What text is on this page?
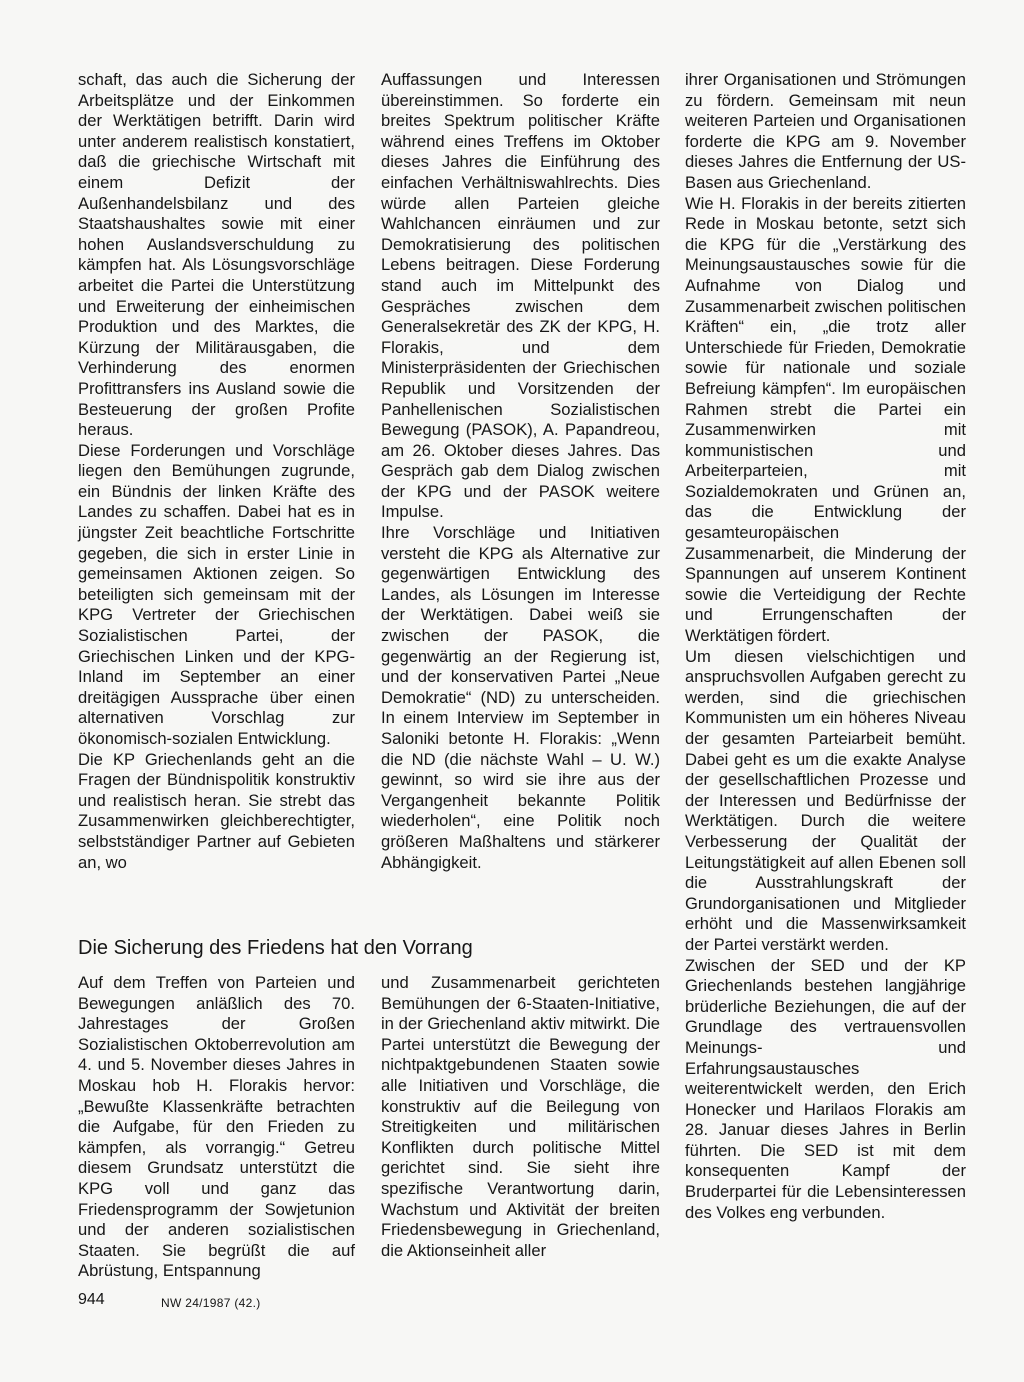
schaft, das auch die Sicherung der Arbeitsplätze und der Einkommen der Werktätigen betrifft. Darin wird unter anderem realistisch konstatiert, daß die griechische Wirtschaft mit einem Defizit der Außenhandelsbilanz und des Staatshaushaltes sowie mit einer hohen Auslandsverschuldung zu kämpfen hat. Als Lösungsvorschläge arbeitet die Partei die Unterstützung und Erweiterung der einheimischen Produktion und des Marktes, die Kürzung der Militärausgaben, die Verhinderung des enormen Profittransfers ins Ausland sowie die Besteuerung der großen Profite heraus.

Diese Forderungen und Vorschläge liegen den Bemühungen zugrunde, ein Bündnis der linken Kräfte des Landes zu schaffen. Dabei hat es in jüngster Zeit beachtliche Fortschritte gegeben, die sich in erster Linie in gemeinsamen Aktionen zeigen. So beteiligten sich gemeinsam mit der KPG Vertreter der Griechischen Sozialistischen Partei, der Griechischen Linken und der KPG-Inland im September an einer dreitägigen Aussprache über einen alternativen Vorschlag zur ökonomisch-sozialen Entwicklung.

Die KP Griechenlands geht an die Fragen der Bündnispolitik konstruktiv und realistisch heran. Sie strebt das Zusammenwirken gleichberechtigter, selbstständiger Partner auf Gebieten an, wo

Auffassungen und Interessen übereinstimmen. So forderte ein breites Spektrum politischer Kräfte während eines Treffens im Oktober dieses Jahres die Einführung des einfachen Verhältniswahlrechts. Dies würde allen Parteien gleiche Wahlchancen einräumen und zur Demokratisierung des politischen Lebens beitragen. Diese Forderung stand auch im Mittelpunkt des Gespräches zwischen dem Generalsekretär des ZK der KPG, H. Florakis, und dem Ministerpräsidenten der Griechischen Republik und Vorsitzenden der Panhellenischen Sozialistischen Bewegung (PASOK), A. Papandreou, am 26. Oktober dieses Jahres. Das Gespräch gab dem Dialog zwischen der KPG und der PASOK weitere Impulse.

Ihre Vorschläge und Initiativen versteht die KPG als Alternative zur gegenwärtigen Entwicklung des Landes, als Lösungen im Interesse der Werktätigen. Dabei weiß sie zwischen der PASOK, die gegenwärtig an der Regierung ist, und der konservativen Partei „Neue Demokratie“ (ND) zu unterscheiden. In einem Interview im September in Saloniki betonte H. Florakis: „Wenn die ND (die nächste Wahl – U. W.) gewinnt, so wird sie ihre aus der Vergangenheit bekannte Politik wiederholen“, eine Politik noch größeren Maßhaltens und stärkerer Abhängigkeit.

ihrer Organisationen und Strömungen zu fördern. Gemeinsam mit neun weiteren Parteien und Organisationen forderte die KPG am 9. November dieses Jahres die Entfernung der US-Basen aus Griechenland.

Wie H. Florakis in der bereits zitierten Rede in Moskau betonte, setzt sich die KPG für die „Verstärkung des Meinungsaustausches sowie für die Aufnahme von Dialog und Zusammenarbeit zwischen politischen Kräften“ ein, „die trotz aller Unterschiede für Frieden, Demokratie sowie für nationale und soziale Befreiung kämpfen“. Im europäischen Rahmen strebt die Partei ein Zusammenwirken mit kommunistischen und Arbeiterparteien, mit Sozialdemokraten und Grünen an, das die Entwicklung der gesamteuropäischen Zusammenarbeit, die Minderung der Spannungen auf unserem Kontinent sowie die Verteidigung der Rechte und Errungenschaften der Werktätigen fördert.

Um diesen vielschichtigen und anspruchsvollen Aufgaben gerecht zu werden, sind die griechischen Kommunisten um ein höheres Niveau der gesamten Parteiarbeit bemüht. Dabei geht es um die exakte Analyse der gesellschaftlichen Prozesse und der Interessen und Bedürfnisse der Werktätigen. Durch die weitere Verbesserung der Qualität der Leitungstätigkeit auf allen Ebenen soll die Ausstrahlungskraft der Grundorganisationen und Mitglieder erhöht und die Massenwirksamkeit der Partei verstärkt werden.

Zwischen der SED und der KP Griechenlands bestehen langjährige brüderliche Beziehungen, die auf der Grundlage des vertrauensvollen Meinungs- und Erfahrungsaustausches weiterentwickelt werden, den Erich Honecker und Harilaos Florakis am 28. Januar dieses Jahres in Berlin führten. Die SED ist mit dem konsequenten Kampf der Bruderpartei für die Lebensinteressen des Volkes eng verbunden.

Die Sicherung des Friedens hat den Vorrang

Auf dem Treffen von Parteien und Bewegungen anläßlich des 70. Jahrestages der Großen Sozialistischen Oktoberrevolution am 4. und 5. November dieses Jahres in Moskau hob H. Florakis hervor: „Bewußte Klassenkräfte betrachten die Aufgabe, für den Frieden zu kämpfen, als vorrangig.“ Getreu diesem Grundsatz unterstützt die KPG voll und ganz das Friedensprogramm der Sowjetunion und der anderen sozialistischen Staaten. Sie begrüßt die auf Abrüstung, Entspannung

und Zusammenarbeit gerichteten Bemühungen der 6-Staaten-Initiative, in der Griechenland aktiv mitwirkt. Die Partei unterstützt die Bewegung der nichtpaktgebundenen Staaten sowie alle Initiativen und Vorschläge, die konstruktiv auf die Beilegung von Streitigkeiten und militärischen Konflikten durch politische Mittel gerichtet sind. Sie sieht ihre spezifische Verantwortung darin, Wachstum und Aktivität der breiten Friedensbewegung in Griechenland, die Aktionseinheit aller

944	NW 24/1987 (42.)
